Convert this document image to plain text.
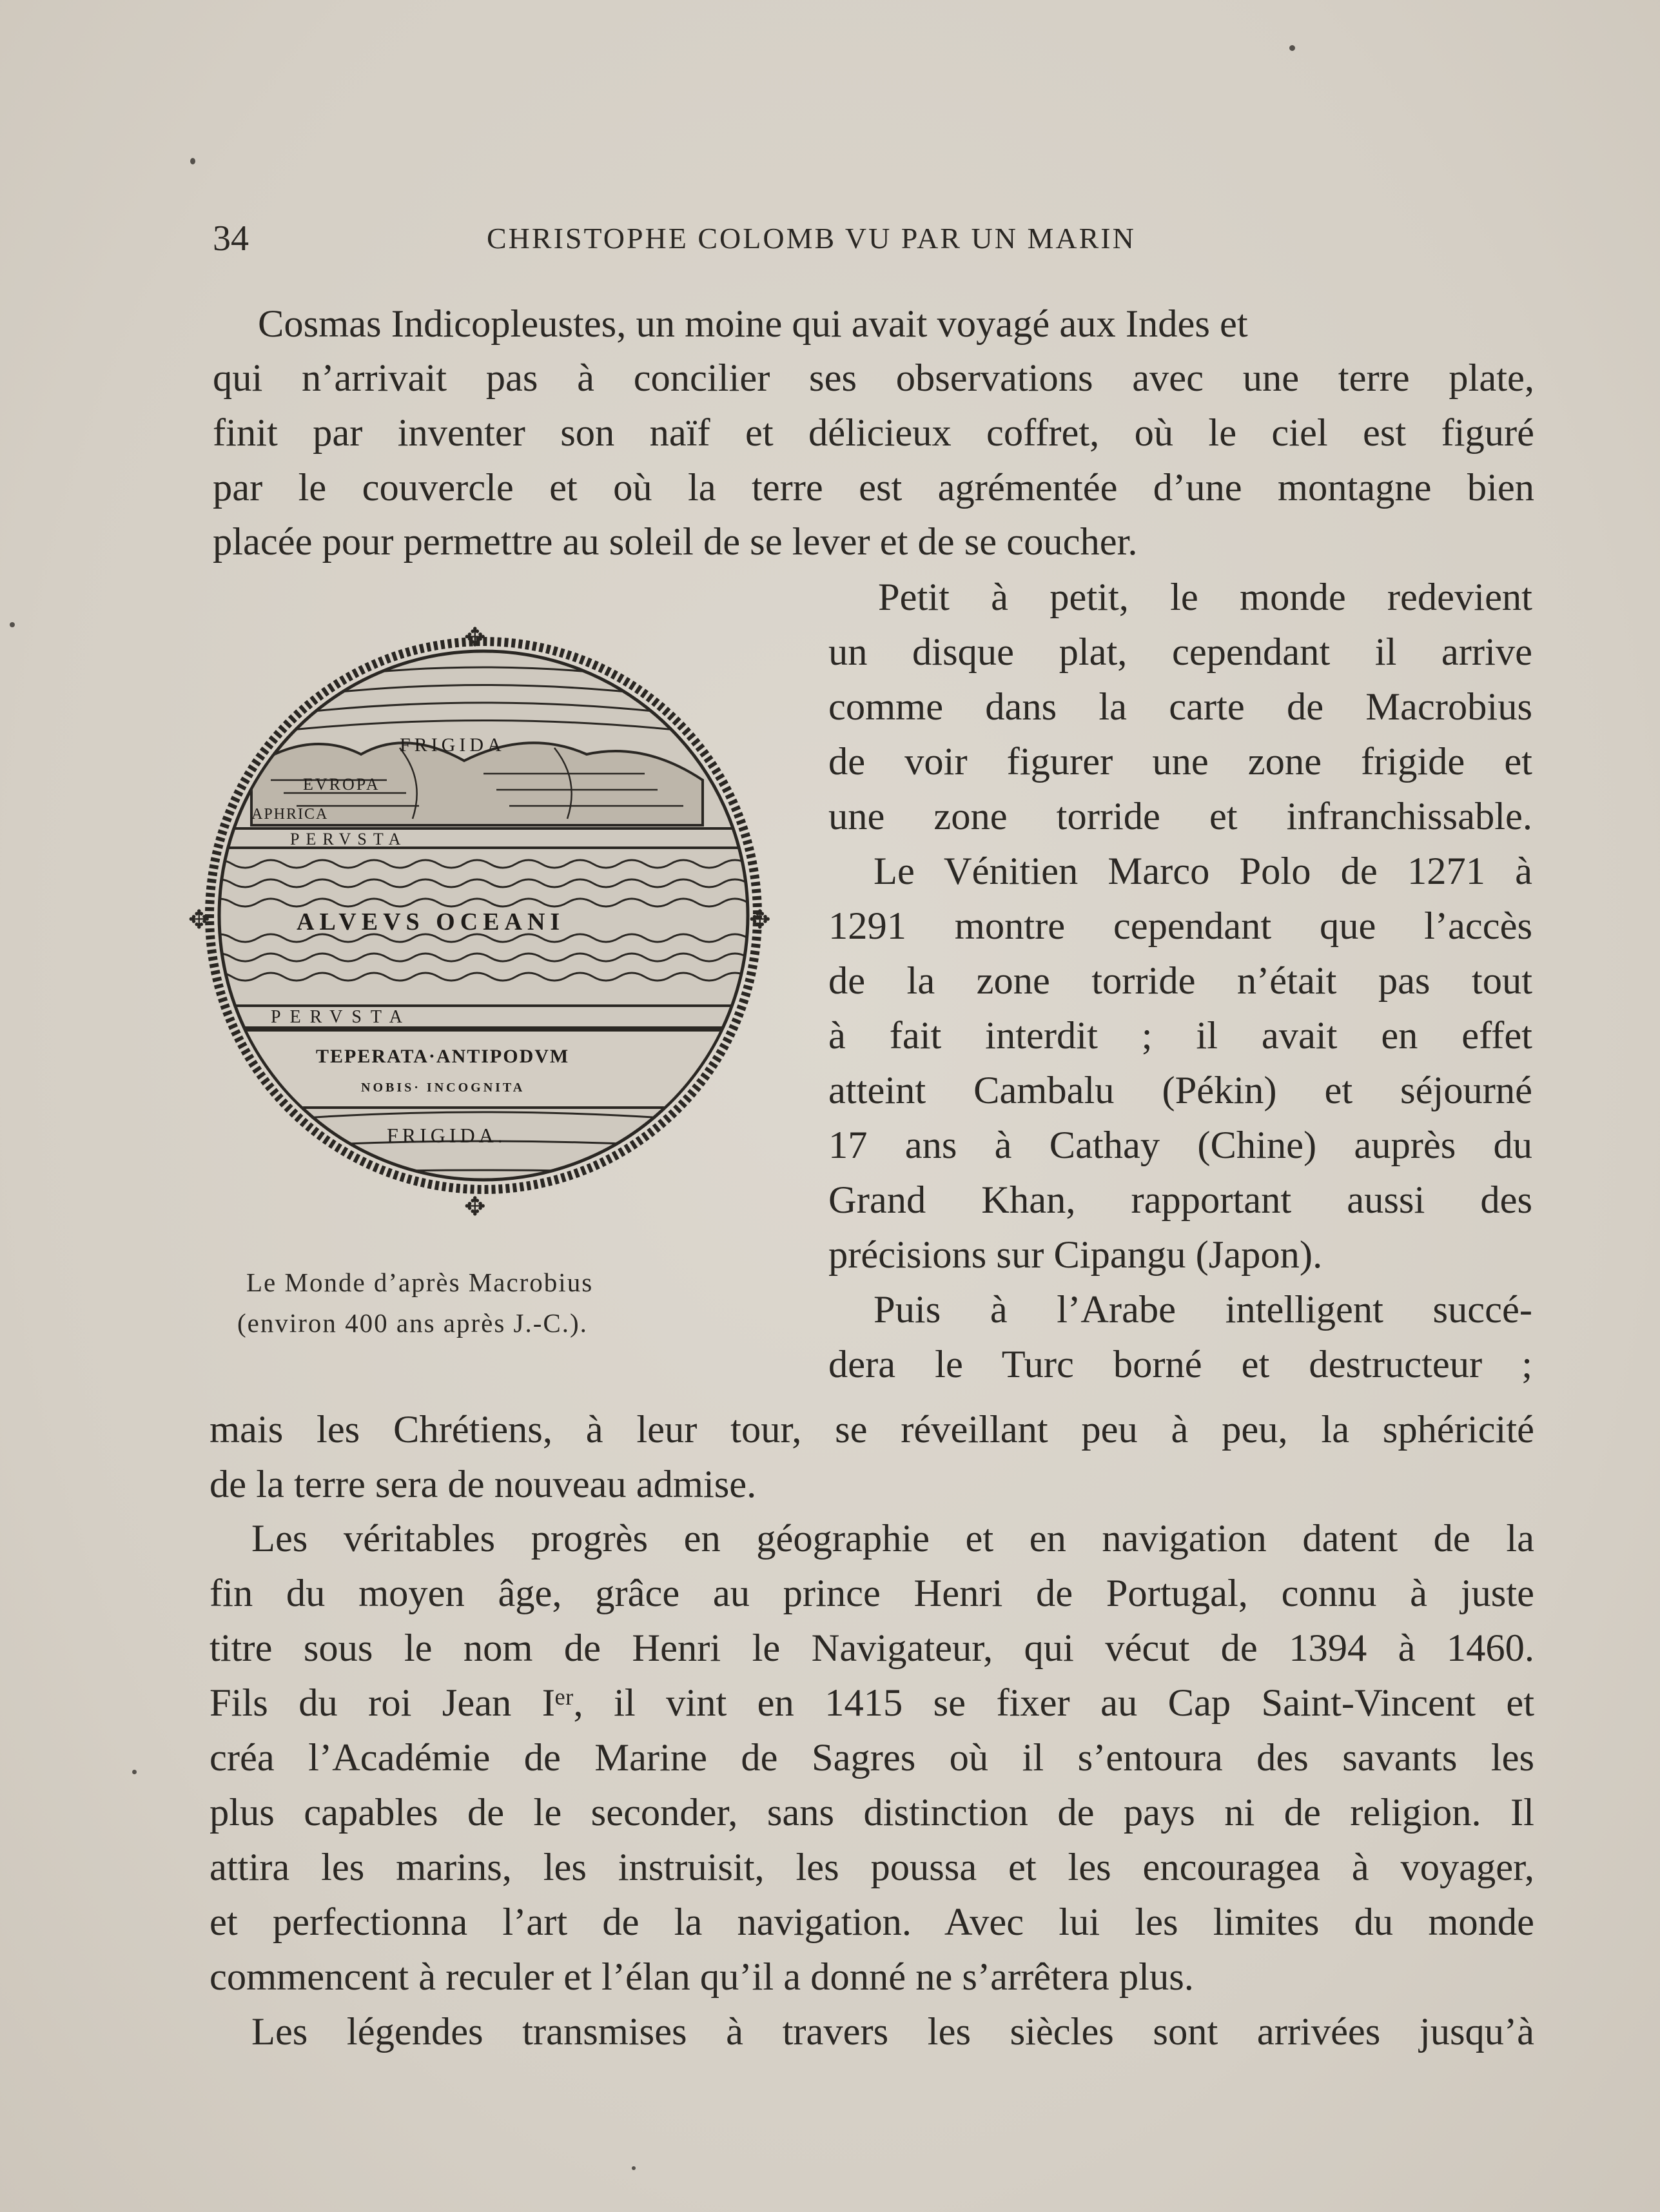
34	CHRISTOPHE COLOMB VU PAR UN MARIN
Cosmas Indicopleustes, un moine qui avait voyagé aux Indes et
qui n’arrivait pas à concilier ses observations avec une terre plate,
finit par inventer son naïf et délicieux coffret, où le ciel est figuré
par le couvercle et où la terre est agrémentée d’une montagne bien
placée pour permettre au soleil de se lever et de se coucher.
Petit à petit, le monde redevient
un disque plat, cependant il arrive
comme dans la carte de Macrobius
de voir figurer une zone frigide et
une zone torride et infranchissable.
Le Vénitien Marco Polo de 1271 à
1291 montre cependant que l’accès
de la zone torride n’était pas tout
à fait interdit ; il avait en effet
atteint Cambalu (Pékin) et séjourné
17 ans à Cathay (Chine) auprès du
Grand Khan, rapportant aussi des
précisions sur Cipangu (Japon).
Puis à l’Arabe intelligent succé-
dera le Turc borné et destructeur ;
mais les Chrétiens, à leur tour, se réveillant peu à peu, la sphéricité
de la terre sera de nouveau admise.
Les véritables progrès en géographie et en navigation datent de la
fin du moyen âge, grâce au prince Henri de Portugal, connu à juste
titre sous le nom de Henri le Navigateur, qui vécut de 1394 à 1460.
Fils du roi Jean Iᵉʳ, il vint en 1415 se fixer au Cap Saint-Vincent et
créa l’Académie de Marine de Sagres où il s’entoura des savants les
plus capables de le seconder, sans distinction de pays ni de religion. Il
attira les marins, les instruisit, les poussa et les encouragea à voyager,
et perfectionna l’art de la navigation. Avec lui les limites du monde
commencent à reculer et l’élan qu’il a donné ne s’arrêtera plus.
Les légendes transmises à travers les siècles sont arrivées jusqu’à
✥
✥
✥	✥
FRIGIDA
EVROPA
APHRICA
PERVSTA
ALVEVS OCEANI
PERVSTA
TEPERATA·ANTIPODVM
NOBIS· INCOGNITA
FRIGIDA.
Le Monde d’après Macrobius
(environ 400 ans après J.-C.).
